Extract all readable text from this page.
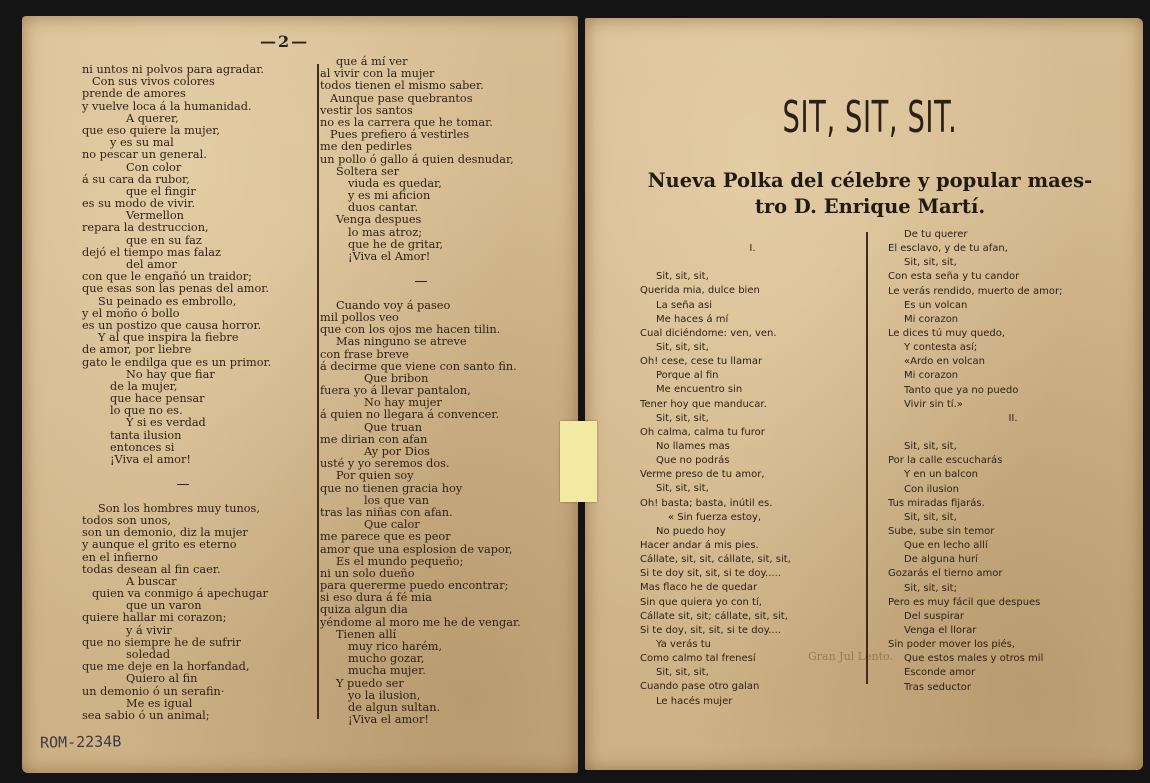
—2—
ni untos ni polvos para agradar.
Con sus vivos colores
prende de amores
y vuelve loca á la humanidad.
A querer,
que eso quiere la mujer,
y es su mal
no pescar un general.
Con color
á su cara da rubor,
que el fingir
es su modo de vivir.
Vermellon
repara la destruccion,
que en su faz
dejó el tiempo mas falaz
del amor
con que le engañó un traidor;
que esas son las penas del amor.
Su peinado es embrollo,
y el moño ó bollo
es un postizo que causa horror.
Y al que inspira la fiebre
de amor, por liebre
gato le endilga que es un primor.
No hay que fiar
de la mujer,
que hace pensar
lo que no es.
Y si es verdad
tanta ilusion
entonces si
¡Viva el amor!
Son los hombres muy tunos,
todos son unos,
son un demonio, diz la mujer
y aunque el grito es eterno
en el infierno
todas desean al fin caer.
A buscar
quien va conmigo á apechugar
que un varon
quiere hallar mi corazon;
y á vivir
que no siempre he de sufrir
soledad
que me deje en la horfandad,
Quiero al fin
un demonio ó un serafin·
Me es igual
sea sabio ó un animal;
que á mí ver
al vivir con la mujer
todos tienen el mismo saber.
Aunque pase quebrantos
vestir los santos
no es la carrera que he tomar.
Pues prefiero á vestirles
me den pedirles
un pollo ó gallo á quien desnudar,
Soltera ser
viuda es quedar,
y es mi aficion
duos cantar.
Venga despues
lo mas atroz;
que he de gritar,
¡Viva el Amor!
Cuando voy á paseo
mil pollos veo
que con los ojos me hacen tilin.
Mas ninguno se atreve
con frase breve
á decirme que viene con santo fin.
Que bribon
fuera yo á llevar pantalon,
No hay mujer
á quien no llegara á convencer.
Que truan
me dirian con afan
Ay por Dios
usté y yo seremos dos.
Por quien soy
que no tienen gracia hoy
los que van
tras las niñas con afan.
Que calor
me parece que es peor
amor que una esplosion de vapor,
Es el mundo pequeño;
ni un solo dueño
para quererme puedo encontrar;
si eso dura á fé mia
quiza algun dia
yéndome al moro me he de vengar.
Tienen allí
muy rico harém,
mucho gozar,
mucha mujer.
Y puedo ser
yo la ilusion,
de algun sultan.
¡Viva el amor!
SIT, SIT, SIT.
Nueva Polka del célebre y popular maes-
tro D. Enrique Martí.
I.
Sit, sit, sit,
Querida mia, dulce bien
La seña asi
Me haces á mí
Cual diciéndome: ven, ven.
Sit, sit, sit,
Oh! cese, cese tu llamar
Porque al fin
Me encuentro sin
Tener hoy que manducar.
Sit, sit, sit,
Oh calma, calma tu furor
No llames mas
Que no podrás
Verme preso de tu amor,
Sit, sit, sit,
Oh! basta; basta, inútil es.
« Sin fuerza estoy,
No puedo hoy
Hacer andar á mis pies.
Cállate, sit, sit, cállate, sit, sit,
Si te doy sit, sit, si te doy.....
Mas flaco he de quedar
Sin que quiera yo con tí,
Cállate sit, sit; cállate, sit, sit,
Si te doy, sit, sit, si te doy....
Ya verás tu
Como calmo tal frenesí
Sit, sit, sit,
Cuando pase otro galan
Le hacés mujer
De tu querer
El esclavo, y de tu afan,
Sit, sit, sit,
Con esta seña y tu candor
Le verás rendido, muerto de amor;
Es un volcan
Mi corazon
Le dices tú muy quedo,
Y contesta así;
«Ardo en volcan
Mi corazon
Tanto que ya no puedo
Vivir sin tí.»
II.
Sit, sit, sit,
Por la calle escucharás
Y en un balcon
Con ilusion
Tus miradas fijarás.
Sit, sit, sit,
Sube, sube sin temor
Que en lecho allí
De alguna hurí
Gozarás el tierno amor
Sit, sit, sit;
Pero es muy fácil que despues
Del suspirar
Venga el llorar
Sin poder mover los piés,
Que estos males y otros mil
Esconde amor
Tras seductor
ROM-2234B
Gran Jul Lento.
